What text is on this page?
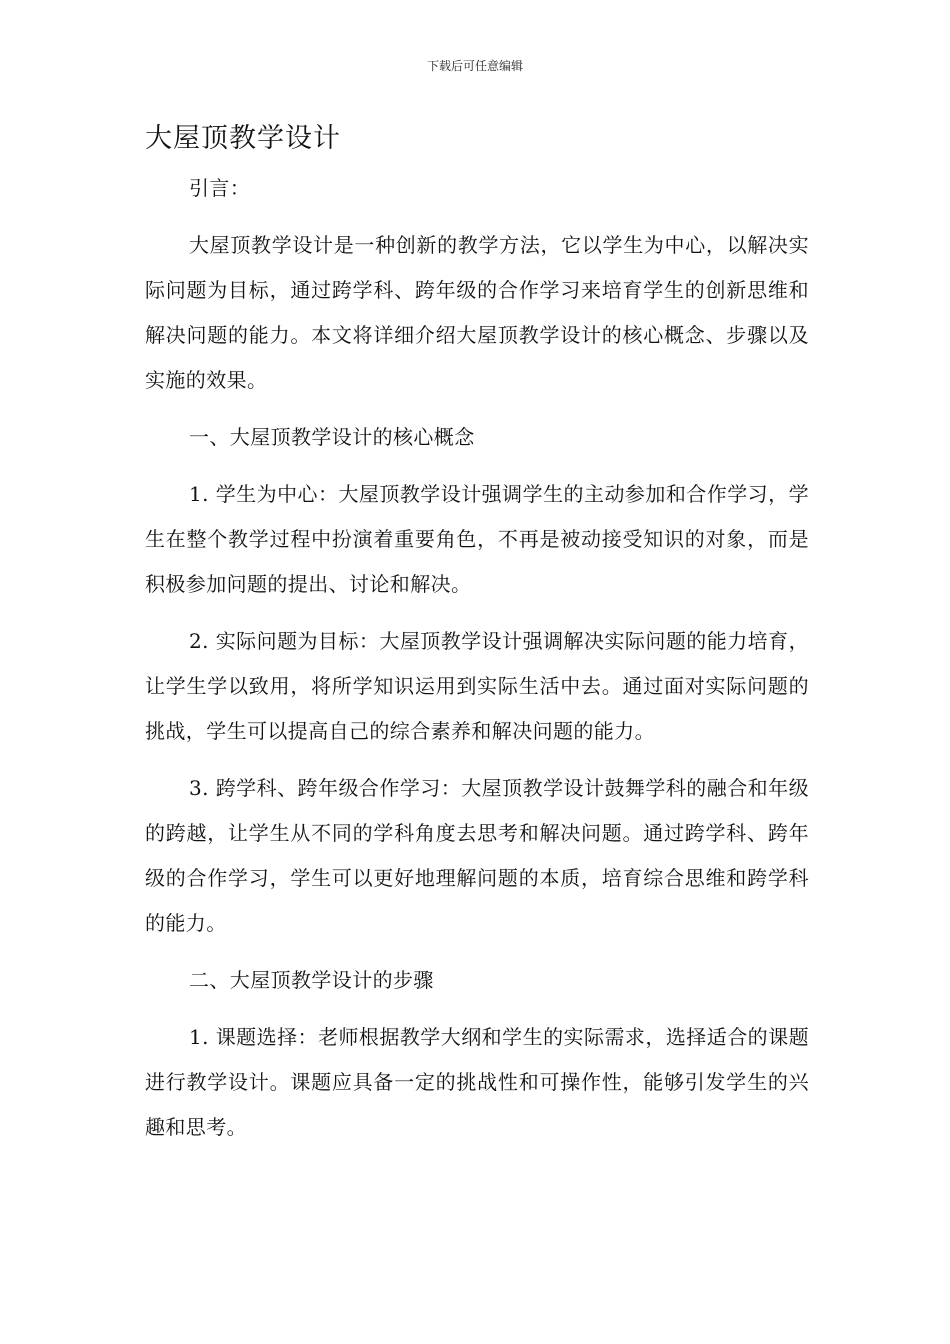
下载后可任意编辑
大屋顶教学设计

引言：

大屋顶教学设计是一种创新的教学方法，它以学生为中心，以解决实际问题为目标，通过跨学科、跨年级的合作学习来培育学生的创新思维和解决问题的能力。本文将详细介绍大屋顶教学设计的核心概念、步骤以及实施的效果。

一、大屋顶教学设计的核心概念

1. 学生为中心：大屋顶教学设计强调学生的主动参加和合作学习，学生在整个教学过程中扮演着重要角色，不再是被动接受知识的对象，而是积极参加问题的提出、讨论和解决。

2. 实际问题为目标：大屋顶教学设计强调解决实际问题的能力培育，让学生学以致用，将所学知识运用到实际生活中去。通过面对实际问题的挑战，学生可以提高自己的综合素养和解决问题的能力。

3. 跨学科、跨年级合作学习：大屋顶教学设计鼓舞学科的融合和年级的跨越，让学生从不同的学科角度去思考和解决问题。通过跨学科、跨年级的合作学习，学生可以更好地理解问题的本质，培育综合思维和跨学科的能力。

二、大屋顶教学设计的步骤

1. 课题选择：老师根据教学大纲和学生的实际需求，选择适合的课题进行教学设计。课题应具备一定的挑战性和可操作性，能够引发学生的兴趣和思考。
